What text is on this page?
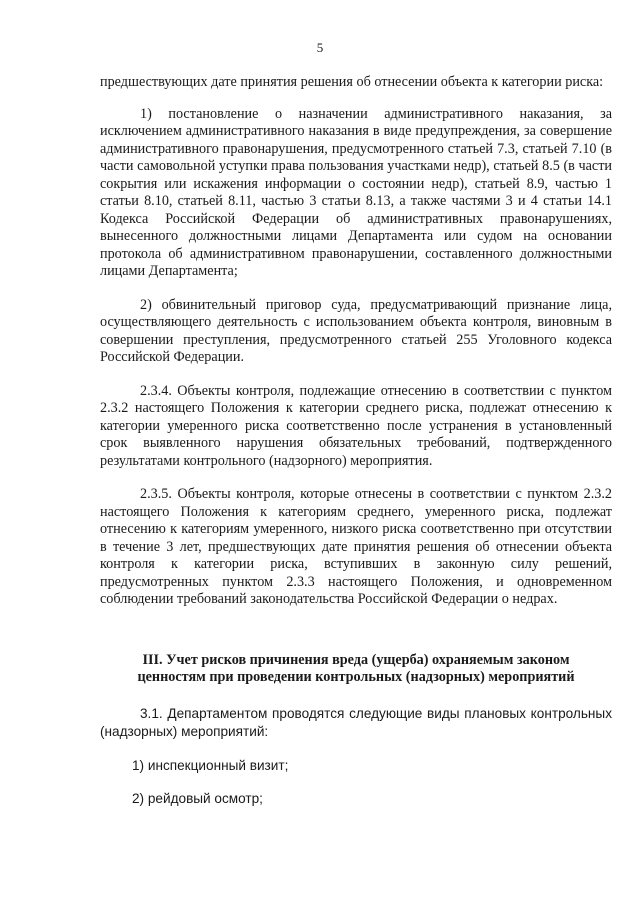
5

предшествующих дате принятия решения об отнесении объекта к категории риска:

1) постановление о назначении административного наказания, за исключением административного наказания в виде предупреждения, за совершение административного правонарушения, предусмотренного статьей 7.3, статьей 7.10 (в части самовольной уступки права пользования участками недр), статьей 8.5 (в части сокрытия или искажения информации о состоянии недр), статьей 8.9, частью 1 статьи 8.10, статьей 8.11, частью 3 статьи 8.13, а также частями 3 и 4 статьи 14.1 Кодекса Российской Федерации об административных правонарушениях, вынесенного должностными лицами Департамента или судом на основании протокола об административном правонарушении, составленного должностными лицами Департамента;

2) обвинительный приговор суда, предусматривающий признание лица, осуществляющего деятельность с использованием объекта контроля, виновным в совершении преступления, предусмотренного статьей 255 Уголовного кодекса Российской Федерации.

2.3.4. Объекты контроля, подлежащие отнесению в соответствии с пунктом 2.3.2 настоящего Положения к категории среднего риска, подлежат отнесению к категории умеренного риска соответственно после устранения в установленный срок выявленного нарушения обязательных требований, подтвержденного результатами контрольного (надзорного) мероприятия.

2.3.5. Объекты контроля, которые отнесены в соответствии с пунктом 2.3.2 настоящего Положения к категориям среднего, умеренного риска, подлежат отнесению к категориям умеренного, низкого риска соответственно при отсутствии в течение 3 лет, предшествующих дате принятия решения об отнесении объекта контроля к категории риска, вступивших в законную силу решений, предусмотренных пунктом 2.3.3 настоящего Положения, и одновременном соблюдении требований законодательства Российской Федерации о недрах.

III. Учет рисков причинения вреда (ущерба) охраняемым законом ценностям при проведении контрольных (надзорных) мероприятий

3.1. Департаментом проводятся следующие виды плановых контрольных (надзорных) мероприятий:

1) инспекционный визит;

2) рейдовый осмотр;
